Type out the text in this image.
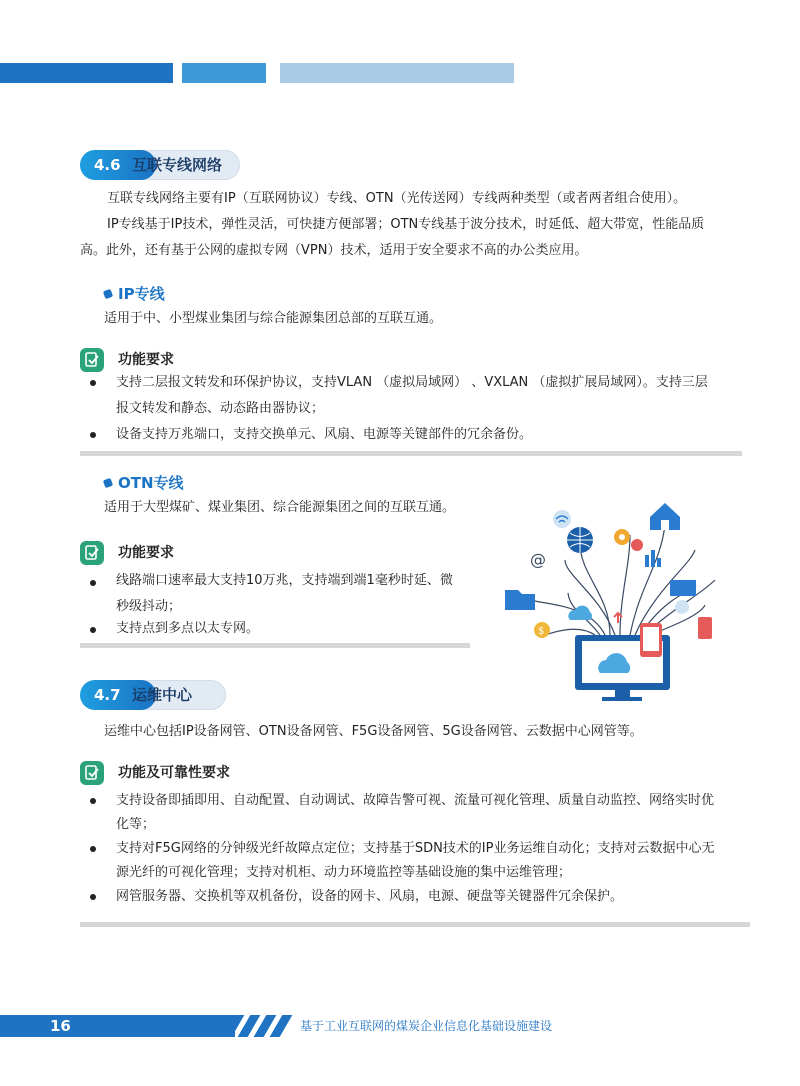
4.6 互联专线网络
互联专线网络主要有IP（互联网协议）专线、OTN（光传送网）专线两种类型（或者两者组合使用）。
IP专线基于IP技术，弹性灵活，可快捷方便部署；OTN专线基于波分技术，时延低、超大带宽，性能品质
高。此外，还有基于公网的虚拟专网（VPN）技术，适用于安全要求不高的办公类应用。
IP专线
适用于中、小型煤业集团与综合能源集团总部的互联互通。
功能要求
支持二层报文转发和环保护协议，支持VLAN （虚拟局域网） 、VXLAN （虚拟扩展局域网）。支持三层
报文转发和静态、动态路由器协议；
设备支持万兆端口，支持交换单元、风扇、电源等关键部件的冗余备份。
OTN专线
适用于大型煤矿、煤业集团、综合能源集团之间的互联互通。
功能要求
线路端口速率最大支持10万兆，支持端到端1毫秒时延、微
秒级抖动；
支持点到多点以太专网。
@
$
4.7 运维中心
运维中心包括IP设备网管、OTN设备网管、F5G设备网管、5G设备网管、云数据中心网管等。
功能及可靠性要求
支持设备即插即用、自动配置、自动调试、故障告警可视、流量可视化管理、质量自动监控、网络实时优
化等；
支持对F5G网络的分钟级光纤故障点定位；支持基于SDN技术的IP业务运维自动化；支持对云数据中心无
源光纤的可视化管理；支持对机柜、动力环境监控等基础设施的集中运维管理；
网管服务器、交换机等双机备份，设备的网卡、风扇，电源、硬盘等关键器件冗余保护。
16	基于工业互联网的煤炭企业信息化基础设施建设
